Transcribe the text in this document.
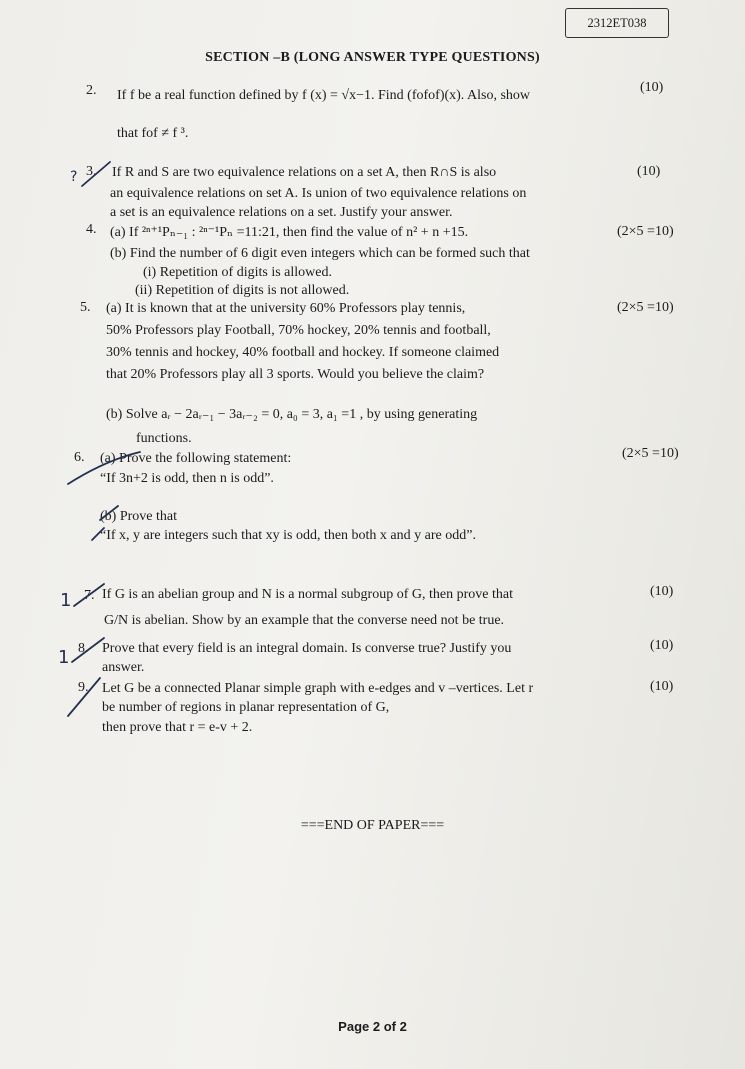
2312ET038
SECTION –B (LONG ANSWER TYPE QUESTIONS)
2. If f be a real function defined by f (x) = √x−1. Find (fofof)(x). Also, show
(10)
that fof ≠ f ³.
3. If R and S are two equivalence relations on a set A, then R∩S is also	(10)
an equivalence relations on set A. Is union of two equivalence relations on
a set is an equivalence relations on a set. Justify your answer.
4. (a) If ²ⁿ⁺¹Pₙ₋₁ : ²ⁿ⁻¹Pₙ =11:21, then find the value of n² + n +15.	(2×5 =10)
(b) Find the number of 6 digit even integers which can be formed such that
(i) Repetition of digits is allowed.
(ii) Repetition of digits is not allowed.
5. (a) It is known that at the university 60% Professors play tennis,	(2×5 =10)
50% Professors play Football, 70% hockey, 20% tennis and football,
30% tennis and hockey, 40% football and hockey. If someone claimed
that 20% Professors play all 3 sports. Would you believe the claim?
(b) Solve aᵣ − 2aᵣ₋₁ − 3aᵣ₋₂ = 0, a₀ = 3, a₁ =1 , by using generating
functions.
6. (a) Prove the following statement:	(2×5 =10)
“If 3n+2 is odd, then n is odd”.
(b) Prove that
“If x, y are integers such that xy is odd, then both x and y are odd”.
7. If G is an abelian group and N is a normal subgroup of G, then prove that	(10)
G/N is abelian. Show by an example that the converse need not be true.
8. Prove that every field is an integral domain. Is converse true? Justify you	(10)
answer.
9. Let G be a connected Planar simple graph with e-edges and v –vertices. Let r	(10)
be number of regions in planar representation of G,
then prove that r = e-v + 2.
===END OF PAPER===
Page 2 of 2
1
1
?
